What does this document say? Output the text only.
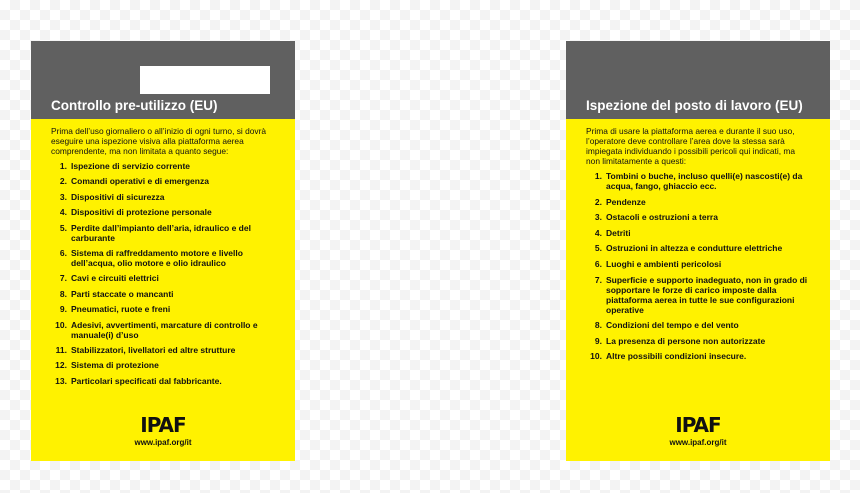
Controllo pre-utilizzo (EU)
Prima dell’uso giornaliero o all’inizio di ogni turno, si dovrà eseguire una ispezione visiva alla piattaforma aerea comprendente, ma non limitata a quanto segue:
1. Ispezione di servizio corrente
2. Comandi operativi e di emergenza
3. Dispositivi di sicurezza
4. Dispositivi di protezione personale
5. Perdite dall’impianto dell’aria, idraulico e del carburante
6. Sistema di raffreddamento motore e livello dell’acqua, olio motore e olio idraulico
7. Cavi e circuiti elettrici
8. Parti staccate o mancanti
9. Pneumatici, ruote e freni
10. Adesivi, avvertimenti, marcature di controllo e manuale(i) d’uso
11. Stabilizzatori, livellatori ed altre strutture
12. Sistema di protezione
13. Particolari specificati dal fabbricante.
IPAF
www.ipaf.org/it
Ispezione del posto di lavoro (EU)
Prima di usare la piattaforma aerea e durante il suo uso, l’operatore deve controllare l’area dove la stessa sarà impiegata individuando i possibili pericoli qui indicati, ma non limitatamente a questi:
1. Tombini o buche, incluso quelli(e) nascosti(e) da acqua, fango, ghiaccio ecc.
2. Pendenze
3. Ostacoli e ostruzioni a terra
4. Detriti
5. Ostruzioni in altezza e condutture elettriche
6. Luoghi e ambienti pericolosi
7. Superficie e supporto inadeguato, non in grado di sopportare le forze di carico imposte dalla piattaforma aerea in tutte le sue configurazioni operative
8. Condizioni del tempo e del vento
9. La presenza di persone non autorizzate
10. Altre possibili condizioni insecure.
IPAF
www.ipaf.org/it
